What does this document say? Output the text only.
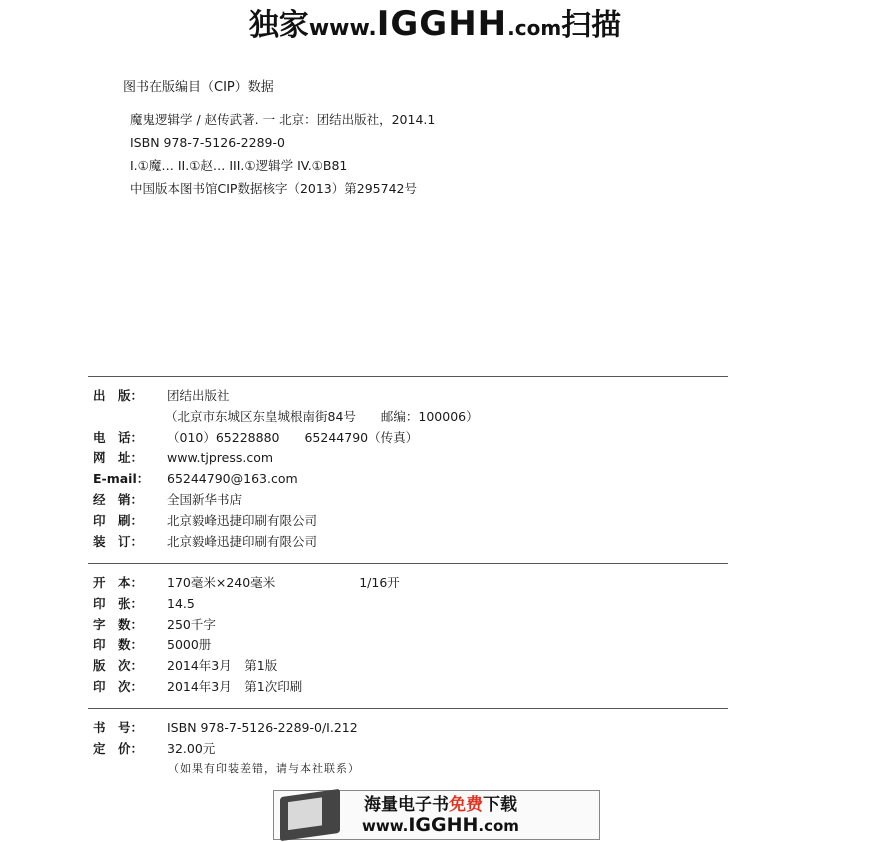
独家www.IGGHH.com扫描
图书在版编目（CIP）数据
魔鬼逻辑学 / 赵传武著. 一 北京：团结出版社，2014.1
ISBN 978-7-5126-2289-0
I.①魔… II.①赵… III.①逻辑学 IV.①B81
中国版本图书馆CIP数据核字（2013）第295742号
出　版：	团结出版社
（北京市东城区东皇城根南街84号　　邮编：100006）
电　话：	（010）65228880　　65244790（传真）
网　址：	www.tjpress.com
E-mail：	65244790@163.com
经　销：	全国新华书店
印　刷：	北京毅峰迅捷印刷有限公司
装　订：	北京毅峰迅捷印刷有限公司
开　本：	170毫米×240毫米	1/16开
印　张：	14.5
字　数：	250千字
印　数：	5000册
版　次：	2014年3月　第1版
印　次：	2014年3月　第1次印刷
书　号：	ISBN 978-7-5126-2289-0/I.212
定　价：	32.00元
（如果有印装差错，请与本社联系）
海量电子书免费下载
www.IGGHH.com
